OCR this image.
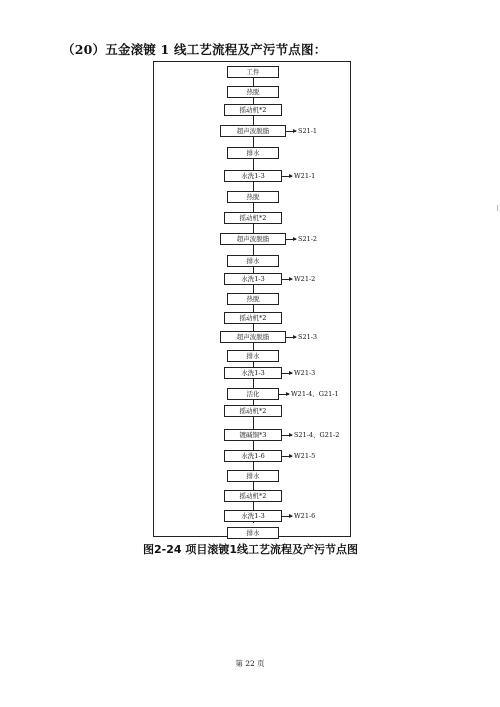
（20）五金滚镀 1 线工艺流程及产污节点图：
工件
热脱
摇动机*2
超声波脱脂	S21-1
排水
水洗1-3	W21-1
热脱
摇动机*2
超声波脱脂	S21-2
排水
水洗1-3	W21-2
热脱
摇动机*2
超声波脱脂	S21-3
排水
水洗1-3	W21-3
活化	W21-4、G21-1
摇动机*2
镀碱铜*3	S21-4、G21-2
水洗1-6	W21-5
排水
摇动机*2
水洗1-3	W21-6
排水
图2-24 项目滚镀1线工艺流程及产污节点图
第 22 页
